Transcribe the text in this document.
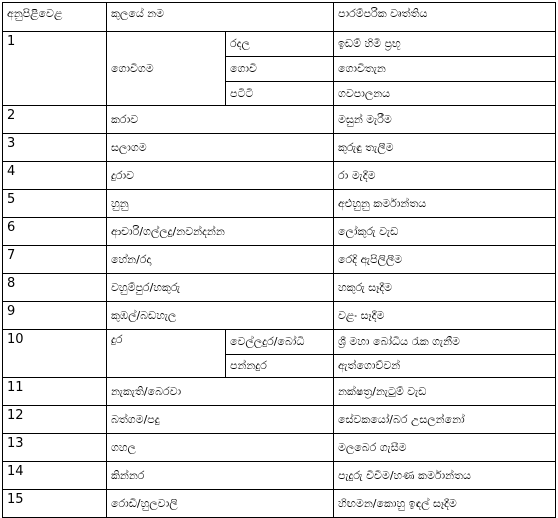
අනුපිළිවෙළ	කුලයේ නම		පාරම්පරික වෘත්තිය
1	ගොවිගම	රදල	ඉඩම් හිමි ප්‍රභූ
		ගොවි	ගොවිතැන
		පටිටි	ගවපාලනය
2	කරාව		මසුන් මැරීම
3	සලාගම		කුරුඳු තැලීම
4	දුරාව		රා මැදීම
5	හුනු		අළුහුනු කර්මාන්තය
6	ආචාරි/ගල්ලදු/නවන්දන්න		ලෝකුරු වැඩ
7	හේන/රදා		රෙදි ඇපිලිලීම
8	වහුම්පුර/හකුරු		හකුරු සෑදීම
9	කුඹල්/බඩහැල		වළං සෑදීම
10	දුර	වෙල්ලදුර/බෝධි	ශ්‍රී මහා බෝධිය රැක ගැනීම
		පන්නදුර	ඇත්ගොව්වන්
11	නැකැති/බෙරවා		නක්ෂත්‍ර/නැටුම් වැඩ
12	බත්ගම/පදු		සේවකයෝ/බර උසලන්නෝ
13	ගහල		මලබෙර ගැසීම
14	කින්නර		පැදුරු විවීම/හණ කර්මාන්තය
15	රොඩි/හුලවාලි		හිඟමන/කොහු ඉඳල් සෑදීම
